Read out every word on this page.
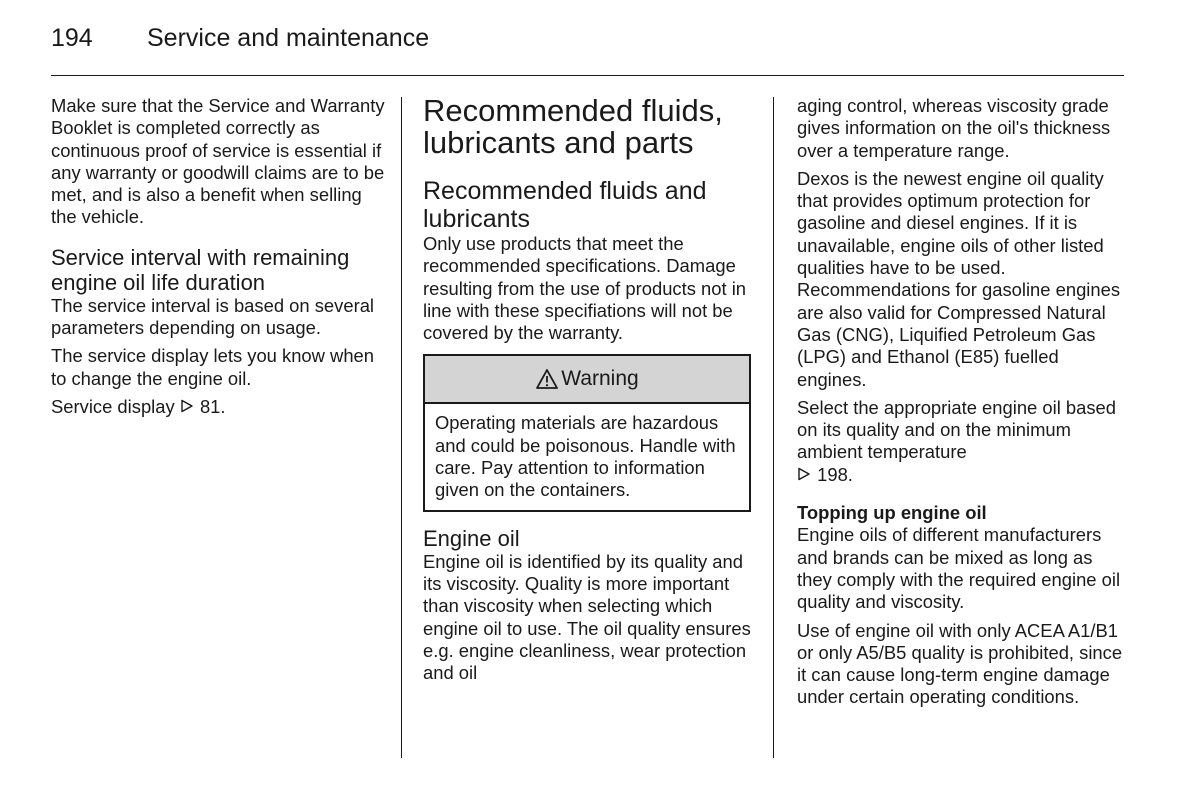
194	Service and maintenance

Make sure that the Service and Warranty Booklet is completed correctly as continuous proof of service is essential if any warranty or goodwill claims are to be met, and is also a benefit when selling the vehicle.

Service interval with remaining engine oil life duration

The service interval is based on several parameters depending on usage.

The service display lets you know when to change the engine oil.

Service display 81.

Recommended fluids, lubricants and parts
Recommended fluids and lubricants

Only use products that meet the recommended specifications. Damage resulting from the use of products not in line with these specifiations will not be covered by the warranty.

Warning

Operating materials are hazardous and could be poisonous. Handle with care. Pay attention to information given on the containers.

Engine oil

Engine oil is identified by its quality and its viscosity. Quality is more important than viscosity when selecting which engine oil to use. The oil quality ensures e.g. engine cleanliness, wear protection and oil

aging control, whereas viscosity grade gives information on the oil's thickness over a temperature range.

Dexos is the newest engine oil quality that provides optimum protection for gasoline and diesel engines. If it is unavailable, engine oils of other listed qualities have to be used. Recommendations for gasoline engines are also valid for Compressed Natural Gas (CNG), Liquified Petroleum Gas (LPG) and Ethanol (E85) fuelled engines.

Select the appropriate engine oil based on its quality and on the minimum ambient temperature
198.

Topping up engine oil

Engine oils of different manufacturers and brands can be mixed as long as they comply with the required engine oil quality and viscosity.

Use of engine oil with only ACEA A1/B1 or only A5/B5 quality is prohibited, since it can cause long-term engine damage under certain operating conditions.
